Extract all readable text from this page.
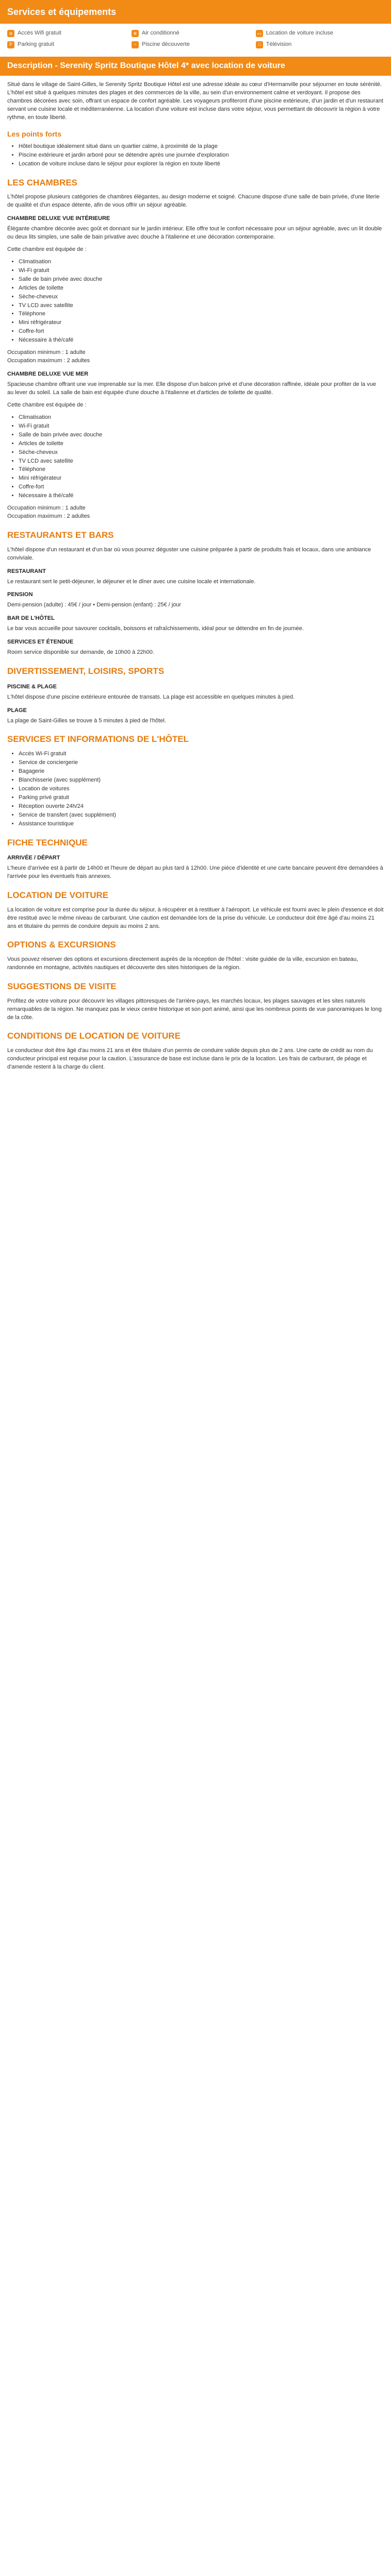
Services et équipements
≋ Accès Wifi gratuit	❄ Air conditionné	▭ Location de voiture incluse
P Parking gratuit	~ Piscine découverte	□ Télévision
Description - Serenity Spritz Boutique Hôtel 4* avec location de voiture

Situé dans le village de Saint-Gilles, le Serenity Spritz Boutique Hôtel est une adresse idéale au cœur d'Hermanville pour séjourner en toute sérénité. L'hôtel est situé à quelques minutes des plages et des commerces de la ville, au sein d'un environnement calme et verdoyant. Il propose des chambres décorées avec soin, offrant un espace de confort agréable. Les voyageurs profiteront d'une piscine extérieure, d'un jardin et d'un restaurant servant une cuisine locale et méditerranéenne. La location d'une voiture est incluse dans votre séjour, vous permettant de découvrir la région à votre rythme, en toute liberté.

Les points forts
• Hôtel boutique idéalement situé dans un quartier calme, à proximité de la plage
• Piscine extérieure et jardin arboré pour se détendre après une journée d'exploration
• Location de voiture incluse dans le séjour pour explorer la région en toute liberté
LES CHAMBRES

L'hôtel propose plusieurs catégories de chambres élégantes, au design moderne et soigné. Chacune dispose d'une salle de bain privée, d'une literie de qualité et d'un espace détente, afin de vous offrir un séjour agréable.

CHAMBRE DELUXE VUE INTÉRIEURE

Élégante chambre décorée avec goût et donnant sur le jardin intérieur. Elle offre tout le confort nécessaire pour un séjour agréable, avec un lit double ou deux lits simples, une salle de bain privative avec douche à l'italienne et une décoration contemporaine.

Cette chambre est équipée de :

• Climatisation
• Wi-Fi gratuit
• Salle de bain privée avec douche
• Articles de toilette
• Sèche-cheveux
• TV LCD avec satellite
• Téléphone
• Mini réfrigérateur
• Coffre-fort
• Nécessaire à thé/café

Occupation minimum : 1 adulte
Occupation maximum : 2 adultes

CHAMBRE DELUXE VUE MER

Spacieuse chambre offrant une vue imprenable sur la mer. Elle dispose d'un balcon privé et d'une décoration raffinée, idéale pour profiter de la vue au lever du soleil. La salle de bain est équipée d'une douche à l'italienne et d'articles de toilette de qualité.

Cette chambre est équipée de :

• Climatisation
• Wi-Fi gratuit
• Salle de bain privée avec douche
• Articles de toilette
• Sèche-cheveux
• TV LCD avec satellite
• Téléphone
• Mini réfrigérateur
• Coffre-fort
• Nécessaire à thé/café

Occupation minimum : 1 adulte
Occupation maximum : 2 adultes

RESTAURANTS ET BARS

L'hôtel dispose d'un restaurant et d'un bar où vous pourrez déguster une cuisine préparée à partir de produits frais et locaux, dans une ambiance conviviale.

RESTAURANT

Le restaurant sert le petit-déjeuner, le déjeuner et le dîner avec une cuisine locale et internationale.

PENSION

Demi-pension (adulte) : 45€ / jour • Demi-pension (enfant) : 25€ / jour

BAR DE L'HÔTEL

Le bar vous accueille pour savourer cocktails, boissons et rafraîchissements, idéal pour se détendre en fin de journée.

SERVICES ET ÉTENDUE

Room service disponible sur demande, de 10h00 à 22h00.

DIVERTISSEMENT, LOISIRS, SPORTS
PISCINE & PLAGE

L'hôtel dispose d'une piscine extérieure entourée de transats. La plage est accessible en quelques minutes à pied.

PLAGE

La plage de Saint-Gilles se trouve à 5 minutes à pied de l'hôtel.

SERVICES ET INFORMATIONS DE L'HÔTEL
• Accès Wi-Fi gratuit
• Service de conciergerie
• Bagagerie
• Blanchisserie (avec supplément)
• Location de voitures
• Parking privé gratuit
• Réception ouverte 24h/24
• Service de transfert (avec supplément)
• Assistance touristique
FICHE TECHNIQUE
ARRIVÉE / DÉPART

L'heure d'arrivée est à partir de 14h00 et l'heure de départ au plus tard à 12h00. Une pièce d'identité et une carte bancaire peuvent être demandées à l'arrivée pour les éventuels frais annexes.

LOCATION DE VOITURE

La location de voiture est comprise pour la durée du séjour, à récupérer et à restituer à l'aéroport. Le véhicule est fourni avec le plein d'essence et doit être restitué avec le même niveau de carburant. Une caution est demandée lors de la prise du véhicule. Le conducteur doit être âgé d'au moins 21 ans et titulaire du permis de conduire depuis au moins 2 ans.

OPTIONS & EXCURSIONS

Vous pouvez réserver des options et excursions directement auprès de la réception de l'hôtel : visite guidée de la ville, excursion en bateau, randonnée en montagne, activités nautiques et découverte des sites historiques de la région.

SUGGESTIONS DE VISITE

Profitez de votre voiture pour découvrir les villages pittoresques de l'arrière-pays, les marchés locaux, les plages sauvages et les sites naturels remarquables de la région. Ne manquez pas le vieux centre historique et son port animé, ainsi que les nombreux points de vue panoramiques le long de la côte.

CONDITIONS DE LOCATION DE VOITURE

Le conducteur doit être âgé d'au moins 21 ans et être titulaire d'un permis de conduire valide depuis plus de 2 ans. Une carte de crédit au nom du conducteur principal est requise pour la caution. L'assurance de base est incluse dans le prix de la location. Les frais de carburant, de péage et d'amende restent à la charge du client.
